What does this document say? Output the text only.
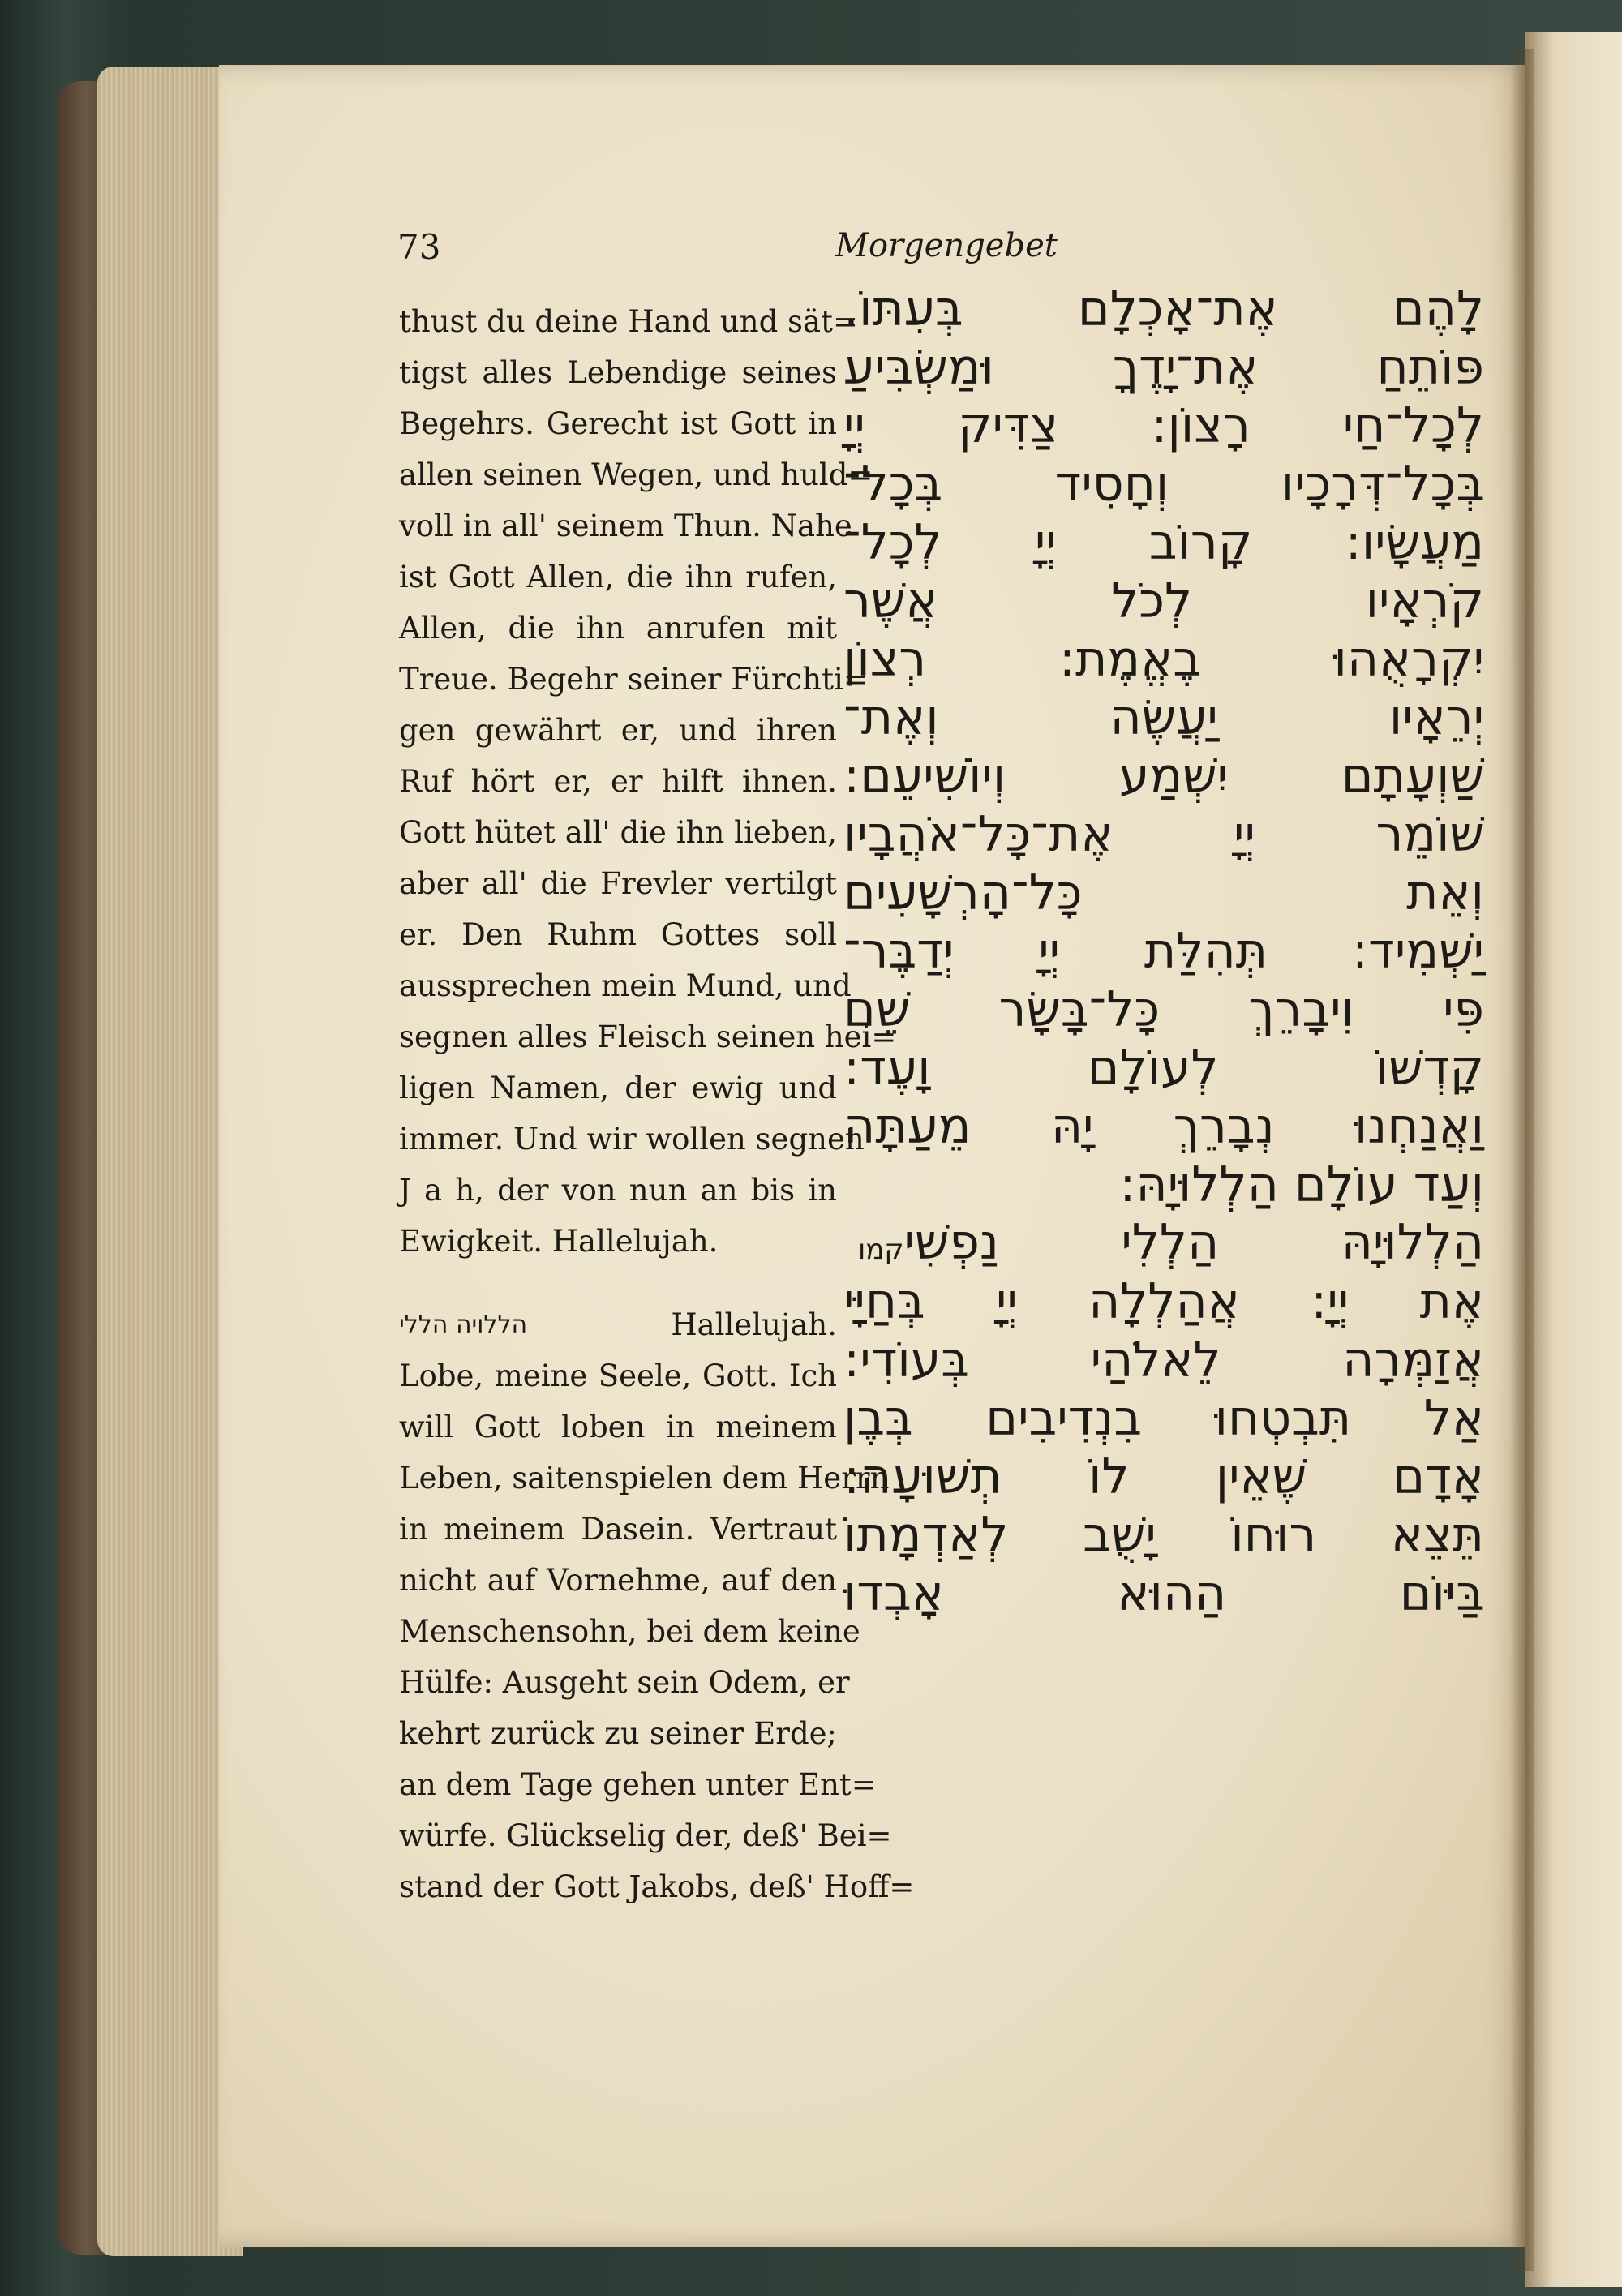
73	Morgengebet
thust du deine Hand und sät=
tigst alles Lebendige seines
Begehrs. Gerecht ist Gott in
allen seinen Wegen, und huld=
voll in all' seinem Thun. Nahe
ist Gott Allen, die ihn rufen,
Allen, die ihn anrufen mit
Treue. Begehr seiner Fürchti=
gen gewährt er, und ihren
Ruf hört er, er hilft ihnen.
Gott hütet all' die ihn lieben,
aber all' die Frevler vertilgt
er. Den Ruhm Gottes soll
aussprechen mein Mund, und
segnen alles Fleisch seinen hei=
ligen Namen, der ewig und
immer. Und wir wollen segnen
J a h, der von nun an bis in
Ewigkeit. Hallelujah.
הללויה הללי	Hallelujah.
Lobe, meine Seele, Gott. Ich
will Gott loben in meinem
Leben, saitenspielen dem Herrn
in meinem Dasein. Vertraut
nicht auf Vornehme, auf den
Menschensohn, bei dem keine
Hülfe: Ausgeht sein Odem, er
kehrt zurück zu seiner Erde;
an dem Tage gehen unter Ent=
würfe. Glückselig der, deß' Bei=
stand der Gott Jakobs, deß' Hoff=
לָהֶם אֶת־אָכְלָם בְּעִתּוֹ.
פּוֹתֵחַ אֶת־יָדֶךָ וּמַשְׂבִּיעַ
לְכָל־חַי רָצוֹן: צַדִּיק יְיָ
בְּכָל־דְּרָכָיו וְחָסִיד בְּכָל־
מַעֲשָׂיו: קָרוֹב יְיָ לְכָל־
קֹרְאָיו לְכֹל אֲשֶׁר
יִקְרָאֻהוּ בֶאֱמֶת: רְצוֹן
יְרֵאָיו יַעֲשֶׂה וְאֶת־
שַׁוְעָתָם יִשְׁמַע וְיוֹשִׁיעֵם:
שׁוֹמֵר יְיָ אֶת־כָּל־אֹהֲבָיו
וְאֵת כָּל־הָרְשָׁעִים
יַשְׁמִיד: תְּהִלַּת יְיָ יְדַבֶּר־
פִּי וִיבָרֵךְ כָּל־בָּשָׂר שֵׁם
קָדְשׁוֹ לְעוֹלָם וָעֶד:
וַאֲנַחְנוּ נְבָרֵךְ יָהּ מֵעַתָּה
וְעַד עוֹלָם הַלְלוּיָהּ:
קמו הַלְלוּיָהּ הַלְלִי נַפְשִׁי
אֶת יְיָ: אֲהַלְלָה יְיָ בְּחַיָּי
אֲזַמְּרָה לֵאלֹהַי בְּעוֹדִי:
אַל תִּבְטְחוּ בִנְדִיבִים בְּבֶן
אָדָם שֶׁאֵין לוֹ תְשׁוּעָה:
תֵּצֵא רוּחוֹ יָשֻׁב לְאַדְמָתוֹ
בַּיּוֹם הַהוּא אָבְדוּ
